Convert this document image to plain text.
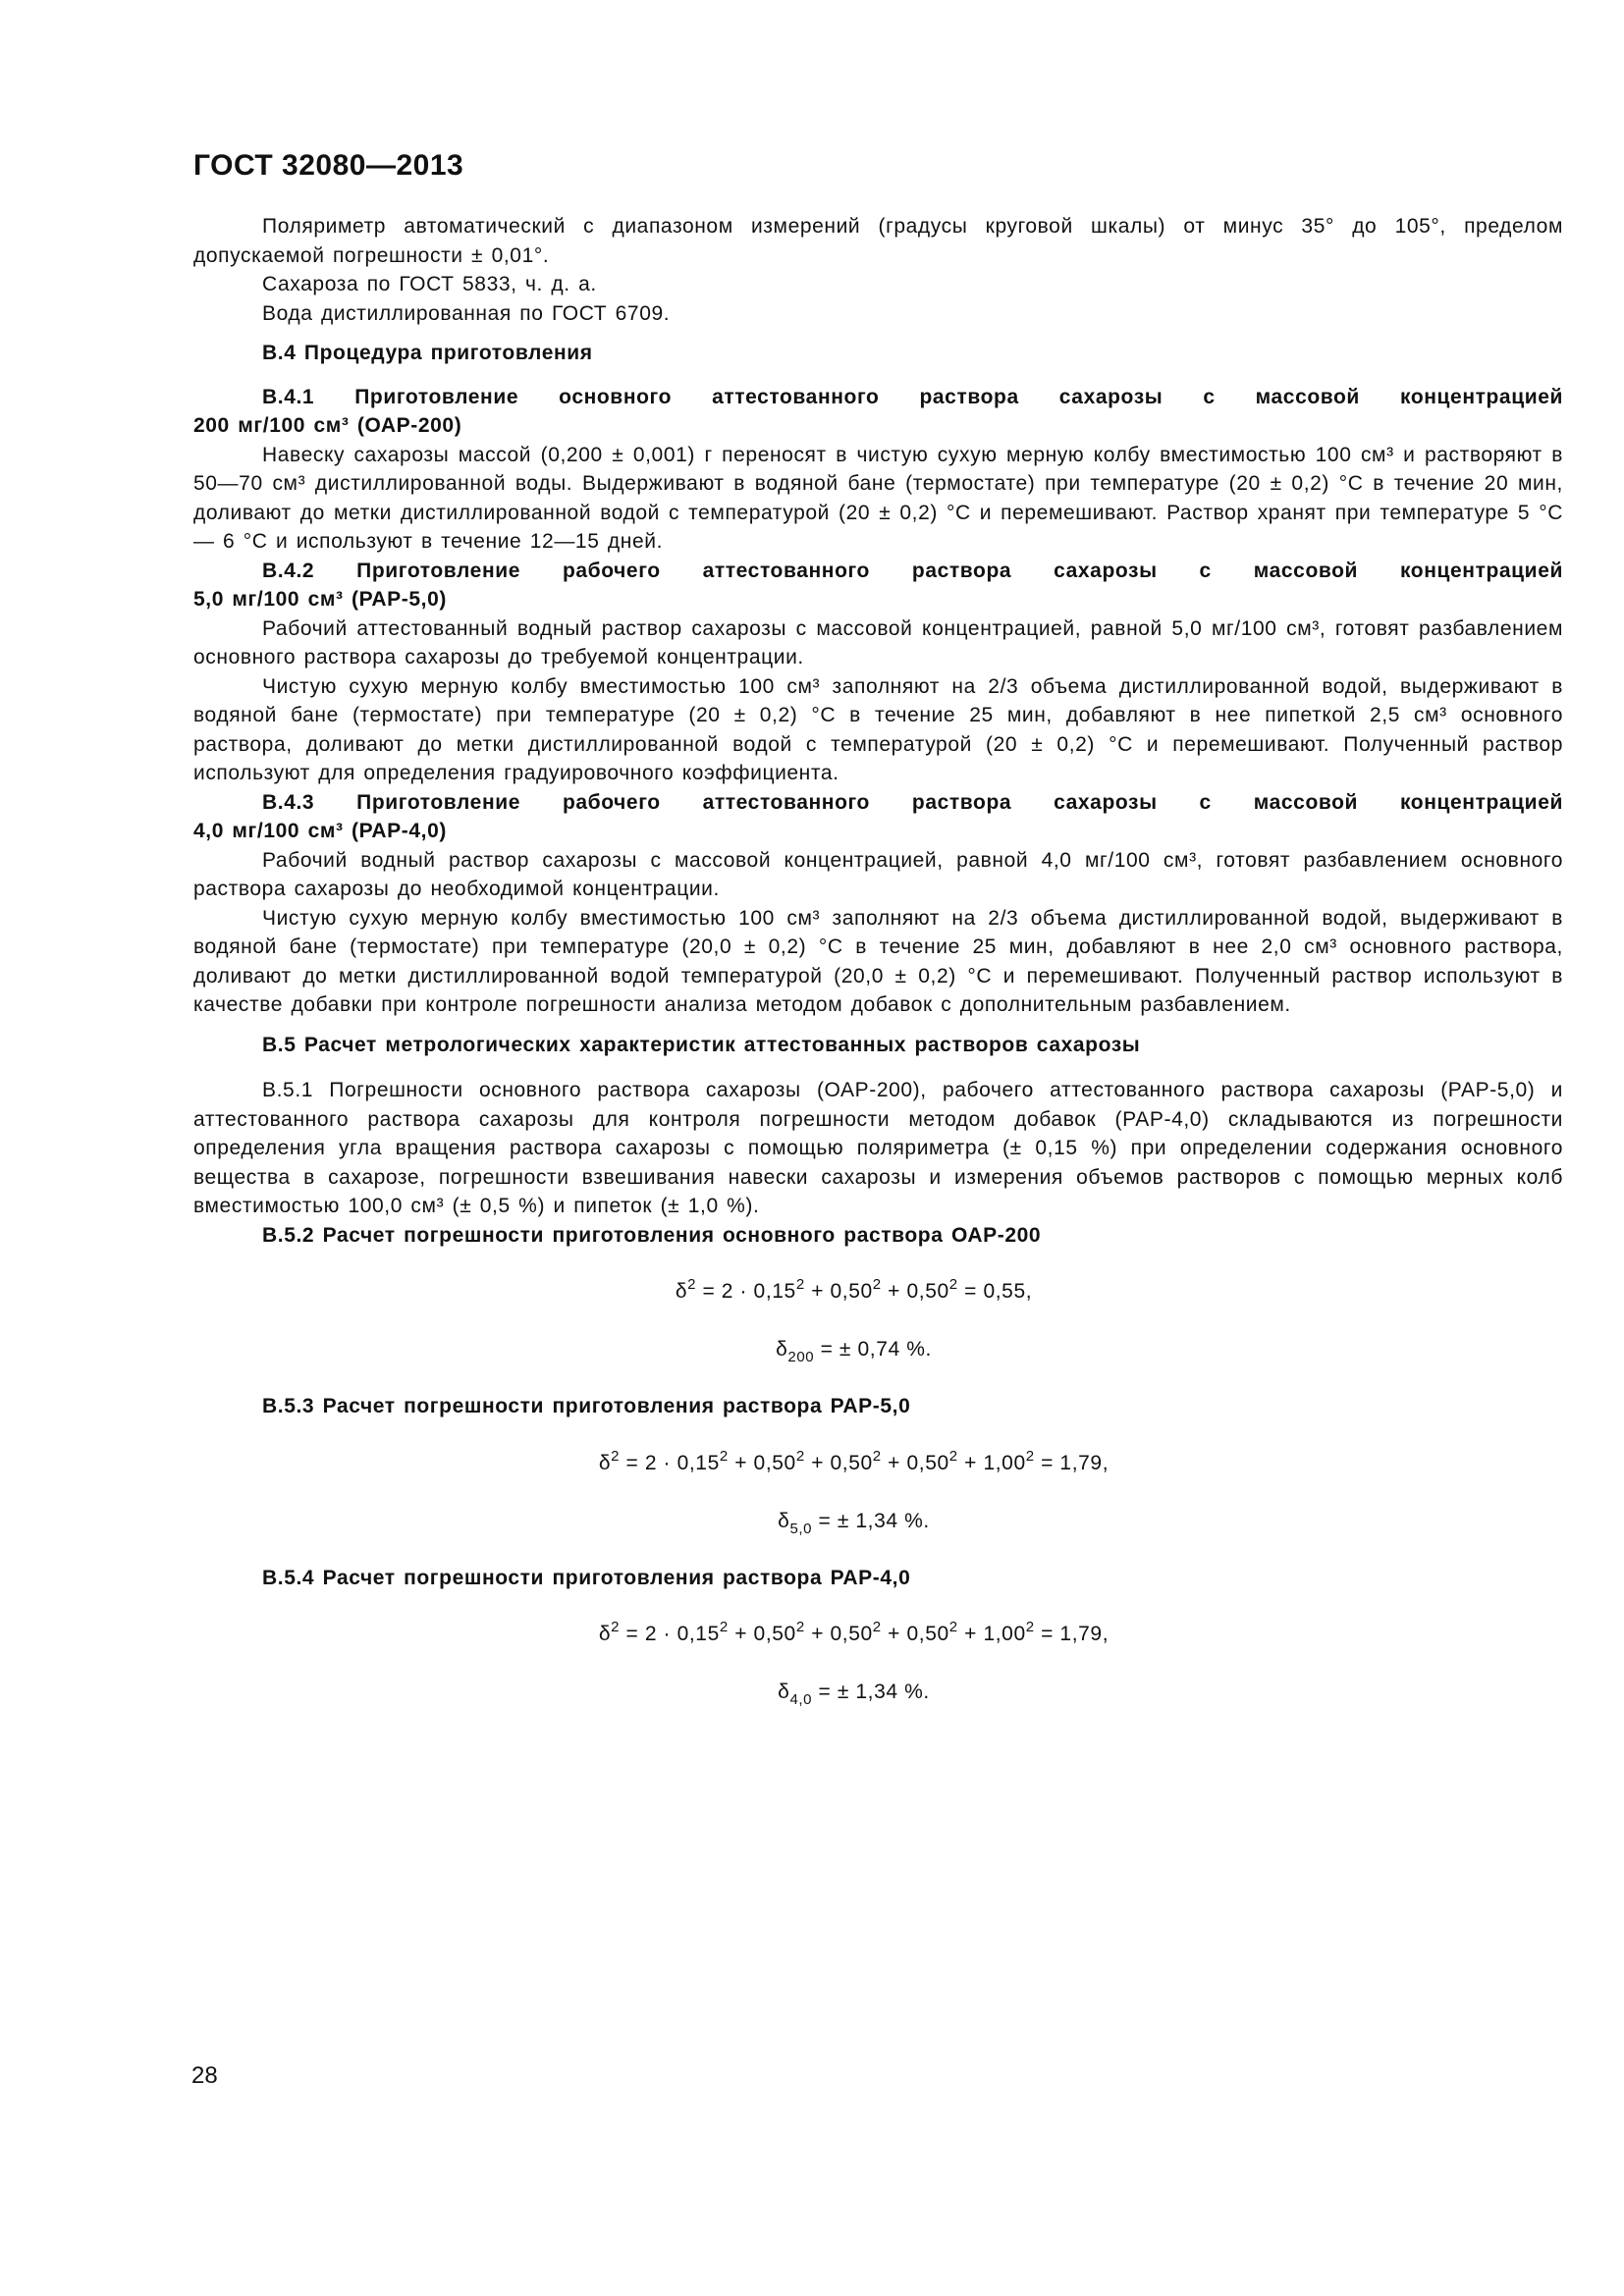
ГОСТ 32080—2013

Поляриметр автоматический с диапазоном измерений (градусы круговой шкалы) от минус 35° до 105°, пределом допускаемой погрешности ± 0,01°.

Сахароза по ГОСТ 5833, ч. д. а.

Вода дистиллированная по ГОСТ 6709.

В.4 Процедура приготовления
В.4.1 Приготовление основного аттестованного раствора сахарозы с массовой концентрацией
200 мг/100 см³ (ОАР-200)

Навеску сахарозы массой (0,200 ± 0,001) г переносят в чистую сухую мерную колбу вместимостью 100 см³ и растворяют в 50—70 см³ дистиллированной воды. Выдерживают в водяной бане (термостате) при температуре (20 ± 0,2) °С в течение 20 мин, доливают до метки дистиллированной водой с температурой (20 ± 0,2) °С и перемешивают. Раствор хранят при температуре 5 °С — 6 °С и используют в течение 12—15 дней.

В.4.2 Приготовление рабочего аттестованного раствора сахарозы с массовой концентрацией
5,0 мг/100 см³ (РАР-5,0)

Рабочий аттестованный водный раствор сахарозы с массовой концентрацией, равной 5,0 мг/100 см³, готовят разбавлением основного раствора сахарозы до требуемой концентрации.

Чистую сухую мерную колбу вместимостью 100 см³ заполняют на 2/3 объема дистиллированной водой, выдерживают в водяной бане (термостате) при температуре (20 ± 0,2) °С в течение 25 мин, добавляют в нее пипеткой 2,5 см³ основного раствора, доливают до метки дистиллированной водой с температурой (20 ± 0,2) °С и перемешивают. Полученный раствор используют для определения градуировочного коэффициента.

В.4.3 Приготовление рабочего аттестованного раствора сахарозы с массовой концентрацией
4,0 мг/100 см³ (РАР-4,0)

Рабочий водный раствор сахарозы с массовой концентрацией, равной 4,0 мг/100 см³, готовят разбавлением основного раствора сахарозы до необходимой концентрации.

Чистую сухую мерную колбу вместимостью 100 см³ заполняют на 2/3 объема дистиллированной водой, выдерживают в водяной бане (термостате) при температуре (20,0 ± 0,2) °С в течение 25 мин, добавляют в нее 2,0 см³ основного раствора, доливают до метки дистиллированной водой температурой (20,0 ± 0,2) °С и перемешивают. Полученный раствор используют в качестве добавки при контроле погрешности анализа методом добавок с дополнительным разбавлением.

В.5 Расчет метрологических характеристик аттестованных растворов сахарозы

В.5.1 Погрешности основного раствора сахарозы (ОАР-200), рабочего аттестованного раствора сахарозы (РАР-5,0) и аттестованного раствора сахарозы для контроля погрешности методом добавок (РАР-4,0) складываются из погрешности определения угла вращения раствора сахарозы с помощью поляриметра (± 0,15 %) при определении содержания основного вещества в сахарозе, погрешности взвешивания навески сахарозы и измерения объемов растворов с помощью мерных колб вместимостью 100,0 см³ (± 0,5 %) и пипеток (± 1,0 %).

В.5.2 Расчет погрешности приготовления основного раствора ОАР-200
$\delta^2 = 2 \cdot 0,15^2 + 0,50^2 + 0,50^2 = 0,55$,
$\delta_{200}$ = ± 0,74 %.
В.5.3 Расчет погрешности приготовления раствора РАР-5,0
$\delta^2 = 2 \cdot 0,15^2 + 0,50^2 + 0,50^2 + 0,50^2 + 1,00^2 = 1,79$,
$\delta_{5,0}$ = ± 1,34 %.
В.5.4 Расчет погрешности приготовления раствора РАР-4,0
$\delta^2 = 2 \cdot 0,15^2 + 0,50^2 + 0,50^2 + 0,50^2 + 1,00^2 = 1,79$,
$\delta_{4,0}$ = ± 1,34 %.
28
